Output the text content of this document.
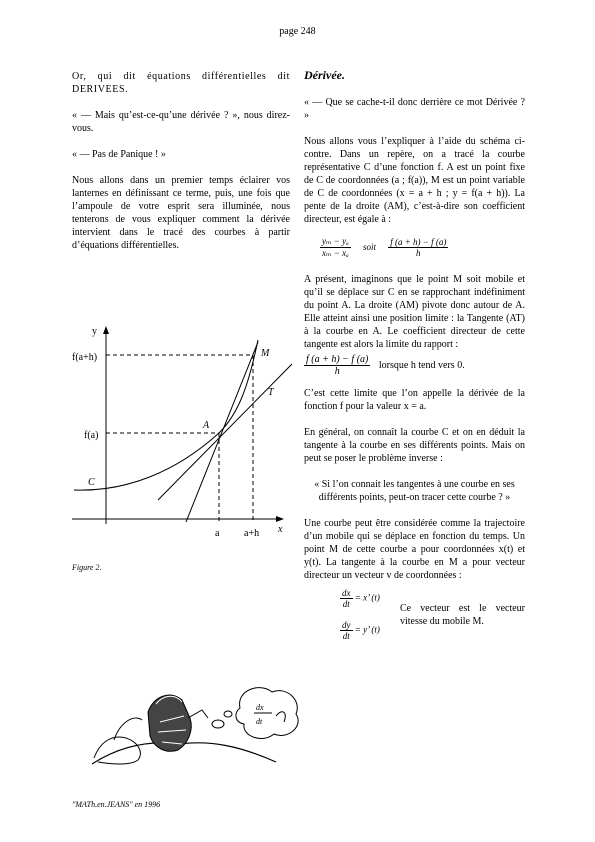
page 248

Or, qui dit équations différentielles dit DERIVEES.

« — Mais qu’est-ce-qu’une dérivée ? », nous direz-vous.

« — Pas de Panique ! »

Nous allons dans un premier temps éclairer vos lanternes en définissant ce terme, puis, une fois que l’ampoule de votre esprit sera illuminée, nous tenterons de vous expliquer comment la dérivée intervient dans le tracé des courbes à partir d’équations différentielles.

y
x
f(a+h)
f(a)
a a+h
A
M
T
C
Figure 2.
dx
dt
"MATh.en.JEANS" en 1996
Dérivée.

« — Que se cache-t-il donc derrière ce mot Dérivée ? »

Nous allons vous l’expliquer à l’aide du schéma ci-contre. Dans un repère, on a tracé la courbe représentative C d’une fonction f. A est un point fixe de C de coordonnées (a ; f(a)), M est un point variable de C de coordonnées (x = a + h ; y = f(a + h)). La pente de la droite (AM), c’est-à-dire son coefficient directeur, est égale à :

$\frac{\text{yₘ − yₐ}}{\text{xₘ − xₐ}}$ soit $\frac{f (a + h) - f (a)}{h}$

A présent, imaginons que le point M soit mobile et qu’il se déplace sur C en se rapprochant indéfiniment du point A. La droite (AM) pivote donc autour de A. Elle atteint ainsi une position limite : la Tangente (AT) à la courbe en A. Le coefficient directeur de cette tangente est alors la limite du rapport :

$\frac{f (a + h) - f (a)}{h}$ lorsque h tend vers 0.

C’est cette limite que l’on appelle la dérivée de la fonction f pour la valeur x = a.

En général, on connaît la courbe C et on en déduit la tangente à la courbe en ses différents points. Mais on peut se poser le problème inverse :

« Si l’on connait les tangentes à une courbe en ses différents points, peut-on tracer cette courbe ? »

Une courbe peut être considérée comme la trajectoire d’un mobile qui se déplace en fonction du temps. Un point M de cette courbe a pour coordonnées x(t) et y(t). La tangente à la courbe en M a pour vecteur directeur un vecteur v de coordonnées :

$\frac{dx}{dt} = x$’ (t)
$\frac{dy}{dt} = y$’ (t)

Ce vecteur est le vecteur vitesse du mobile M.
